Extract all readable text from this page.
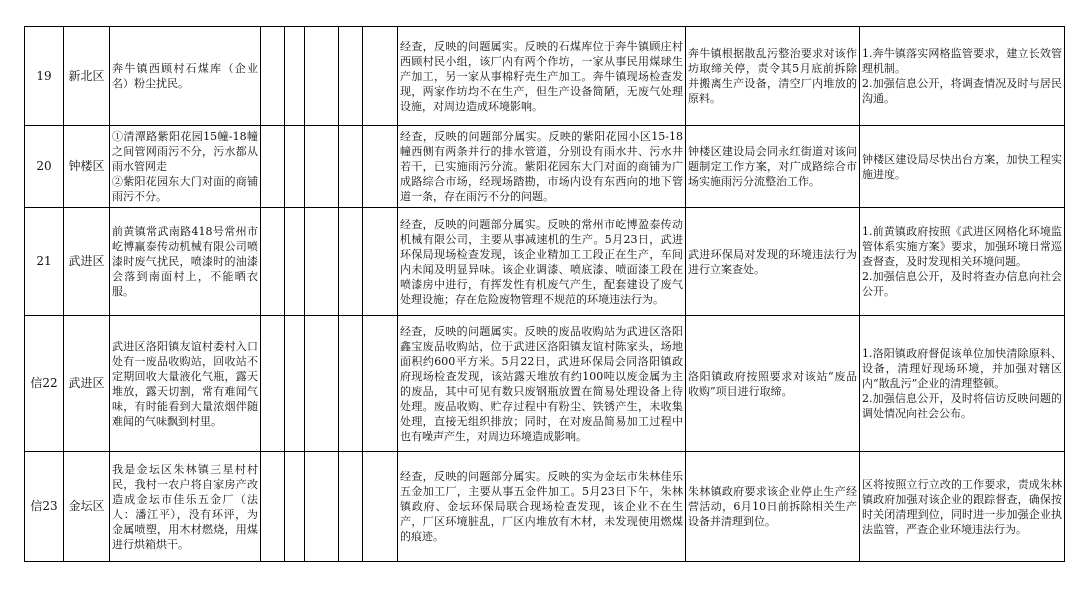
19	新北区	奔牛镇西顾村石煤库（企业名）粉尘扰民。						经查，反映的问题属实。反映的石煤库位于奔牛镇顾庄村西顾村民小组，该厂内有两个作坊，一家从事民用煤球生产加工，另一家从事棉籽壳生产加工。奔牛镇现场检查发现，两家作坊均不在生产，但生产设备简陋，无废气处理设施，对周边造成环境影响。	奔牛镇根据散乱污整治要求对该作坊取缔关停，责令其5月底前拆除并搬离生产设备，清空厂内堆放的原料。	1.奔牛镇落实网格监管要求，建立长效管理机制。
2.加强信息公开，将调查情况及时与居民沟通。
20	钟楼区	①清潭路紫阳花园15幢-18幢之间管网雨污不分，污水都从雨水管网走
②紫阳花园东大门对面的商铺雨污不分。						经查，反映的问题部分属实。反映的紫阳花园小区15-18幢西侧有两条并行的排水管道，分别设有雨水井、污水井若干，已实施雨污分流。紫阳花园东大门对面的商铺为广成路综合市场，经现场踏勘，市场内设有东西向的地下管道一条，存在雨污不分的问题。	钟楼区建设局会同永红街道对该问题制定工作方案，对广成路综合市场实施雨污分流整治工作。	钟楼区建设局尽快出台方案，加快工程实施进度。
21	武进区	前黄镇常武南路418号常州市屹博赢泰传动机械有限公司喷漆时废气扰民，喷漆时的油漆会落到南面村上，不能晒衣服。						经查，反映的问题部分属实。反映的常州市屹博盈泰传动机械有限公司，主要从事减速机的生产。5月23日，武进环保局现场检查发现，该企业精加工工段正在生产，车间内未闻及明显异味。该企业调漆、喷底漆、喷面漆工段在喷漆房中进行，有挥发性有机废气产生，配套建设了废气处理设施；存在危险废物管理不规范的环境违法行为。	武进环保局对发现的环境违法行为进行立案查处。	1.前黄镇政府按照《武进区网格化环境监管体系实施方案》要求，加强环境日常巡查督查，及时发现相关环境问题。
2.加强信息公开，及时将查办信息向社会公开。
信22	武进区	武进区洛阳镇友谊村委村入口处有一废品收购站，回收站不定期回收大量液化气瓶，露天堆放，露天切割，常有难闻气味，有时能看到大量浓烟伴随难闻的气味飘到村里。						经查，反映的问题属实。反映的废品收购站为武进区洛阳鑫宝废品收购站，位于武进区洛阳镇友谊村陈家头，场地面积约600平方米。5月22日，武进环保局会同洛阳镇政府现场检查发现，该站露天堆放有约100吨以废金属为主的废品，其中可见有数只废钢瓶放置在简易处理设备上待处理。废品收购、贮存过程中有粉尘、铁锈产生，未收集处理，直接无组织排放；同时，在对废品简易加工过程中也有噪声产生，对周边环境造成影响。	洛阳镇政府按照要求对该站“废品收购”项目进行取缔。	1.洛阳镇政府督促该单位加快清除原料、设备，清理好现场环境，并加强对辖区内“散乱污”企业的清理整顿。
2.加强信息公开，及时将信访反映问题的调处情况向社会公布。
信23	金坛区	我是金坛区朱林镇三星村村民，我村一农户将自家房产改造成金坛市佳乐五金厂（法人：潘江平），没有环评，为金属喷塑，用木材燃烧，用煤进行烘箱烘干。						经查，反映的问题部分属实。反映的实为金坛市朱林佳乐五金加工厂，主要从事五金件加工。5月23日下午，朱林镇政府、金坛环保局联合现场检查发现，该企业不在生产，厂区环境脏乱，厂区内堆放有木材，未发现使用燃煤的痕迹。	朱林镇政府要求该企业停止生产经营活动，6月10日前拆除相关生产设备并清理到位。	区将按照立行立改的工作要求，责成朱林镇政府加强对该企业的跟踪督查，确保按时关闭清理到位，同时进一步加强企业执法监管，严查企业环境违法行为。
